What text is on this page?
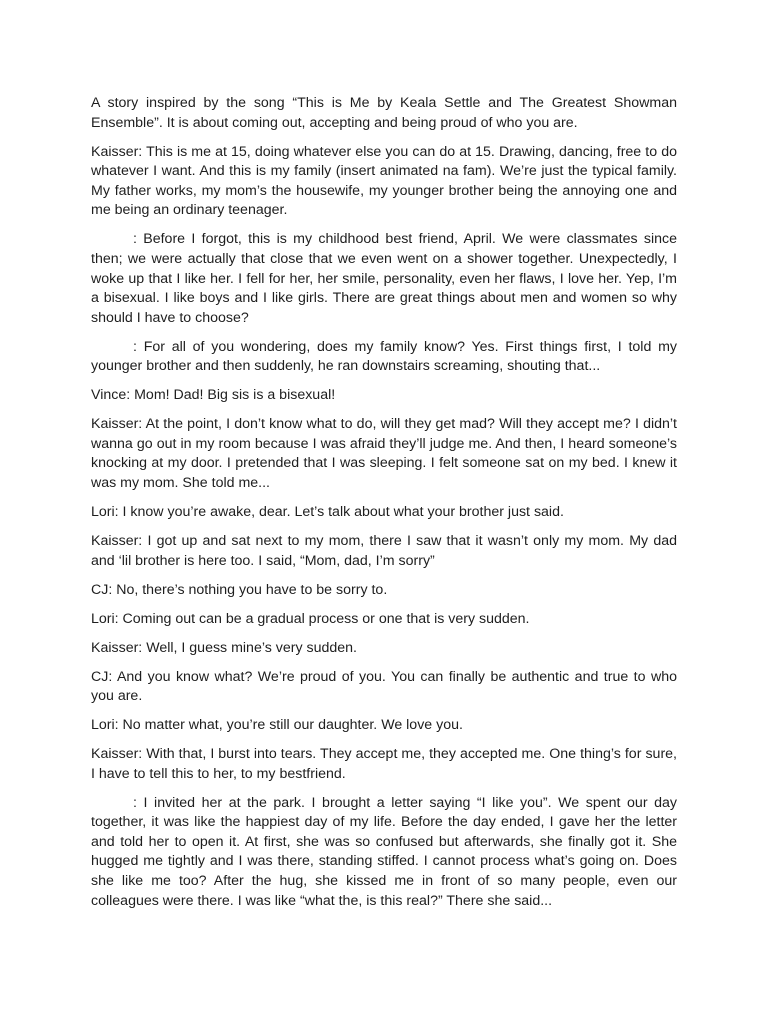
A story inspired by the song “This is Me by Keala Settle and The Greatest Showman Ensemble”. It is about coming out, accepting and being proud of who you are.

Kaisser: This is me at 15, doing whatever else you can do at 15. Drawing, dancing, free to do whatever I want. And this is my family (insert animated na fam). We’re just the typical family. My father works, my mom’s the housewife, my younger brother being the annoying one and me being an ordinary teenager.

: Before I forgot, this is my childhood best friend, April. We were classmates since then; we were actually that close that we even went on a shower together. Unexpectedly, I woke up that I like her. I fell for her, her smile, personality, even her flaws, I love her. Yep, I’m a bisexual. I like boys and I like girls. There are great things about men and women so why should I have to choose?

: For all of you wondering, does my family know? Yes. First things first, I told my younger brother and then suddenly, he ran downstairs screaming, shouting that...

Vince: Mom! Dad! Big sis is a bisexual!

Kaisser: At the point, I don’t know what to do, will they get mad? Will they accept me? I didn’t wanna go out in my room because I was afraid they’ll judge me. And then, I heard someone’s knocking at my door. I pretended that I was sleeping. I felt someone sat on my bed. I knew it was my mom. She told me...

Lori: I know you’re awake, dear. Let’s talk about what your brother just said.

Kaisser: I got up and sat next to my mom, there I saw that it wasn’t only my mom. My dad and ‘lil brother is here too. I said, “Mom, dad, I’m sorry”

CJ: No, there’s nothing you have to be sorry to.

Lori: Coming out can be a gradual process or one that is very sudden.

Kaisser: Well, I guess mine’s very sudden.

CJ: And you know what? We’re proud of you. You can finally be authentic and true to who you are.

Lori: No matter what, you’re still our daughter. We love you.

Kaisser: With that, I burst into tears. They accept me, they accepted me. One thing’s for sure, I have to tell this to her, to my bestfriend.

: I invited her at the park. I brought a letter saying “I like you”. We spent our day together, it was like the happiest day of my life. Before the day ended, I gave her the letter and told her to open it. At first, she was so confused but afterwards, she finally got it. She hugged me tightly and I was there, standing stiffed. I cannot process what’s going on. Does she like me too? After the hug, she kissed me in front of so many people, even our colleagues were there. I was like “what the, is this real?” There she said...
